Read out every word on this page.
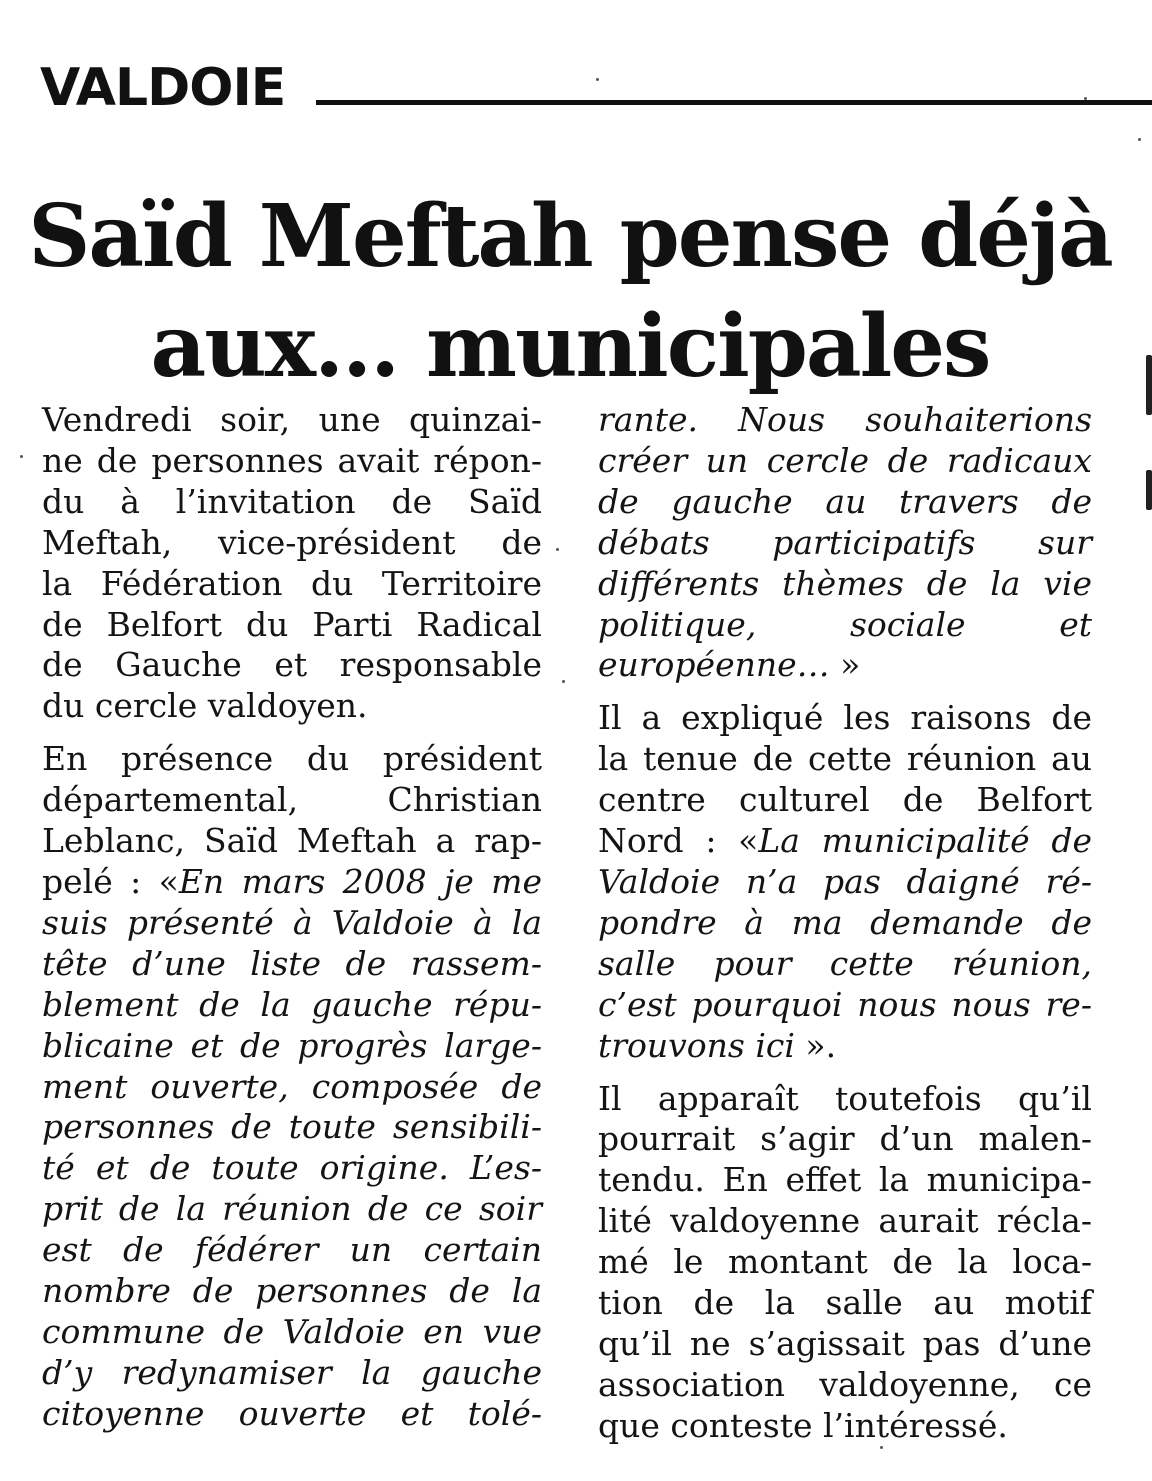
VALDOIE
Saïd Meftah pense déjà
aux… municipales

Vendredi soir, une quinzai-
ne de personnes avait répon-
du à l’invitation de Saïd
Meftah, vice-président de
la Fédération du Territoire
de Belfort du Parti Radical
de Gauche et responsable
du cercle valdoyen.

En présence du président
départemental, Christian
Leblanc, Saïd Meftah a rap-
pelé : «En mars 2008 je me
suis présenté à Valdoie à la
tête d’une liste de rassem-
blement de la gauche répu-
blicaine et de progrès large-
ment ouverte, composée de
personnes de toute sensibili-
té et de toute origine. L’es-
prit de la réunion de ce soir
est de fédérer un certain
nombre de personnes de la
commune de Valdoie en vue
d’y redynamiser la gauche
citoyenne ouverte et tolé-

rante. Nous souhaiterions
créer un cercle de radicaux
de gauche au travers de
débats participatifs sur
différents thèmes de la vie
politique, sociale et
européenne… »

Il a expliqué les raisons de
la tenue de cette réunion au
centre culturel de Belfort
Nord : «La municipalité de
Valdoie n’a pas daigné ré-
pondre à ma demande de
salle pour cette réunion,
c’est pourquoi nous nous re-
trouvons ici ».

Il apparaît toutefois qu’il
pourrait s’agir d’un malen-
tendu. En effet la municipa-
lité valdoyenne aurait récla-
mé le montant de la loca-
tion de la salle au motif
qu’il ne s’agissait pas d’une
association valdoyenne, ce
que conteste l’intéressé.
